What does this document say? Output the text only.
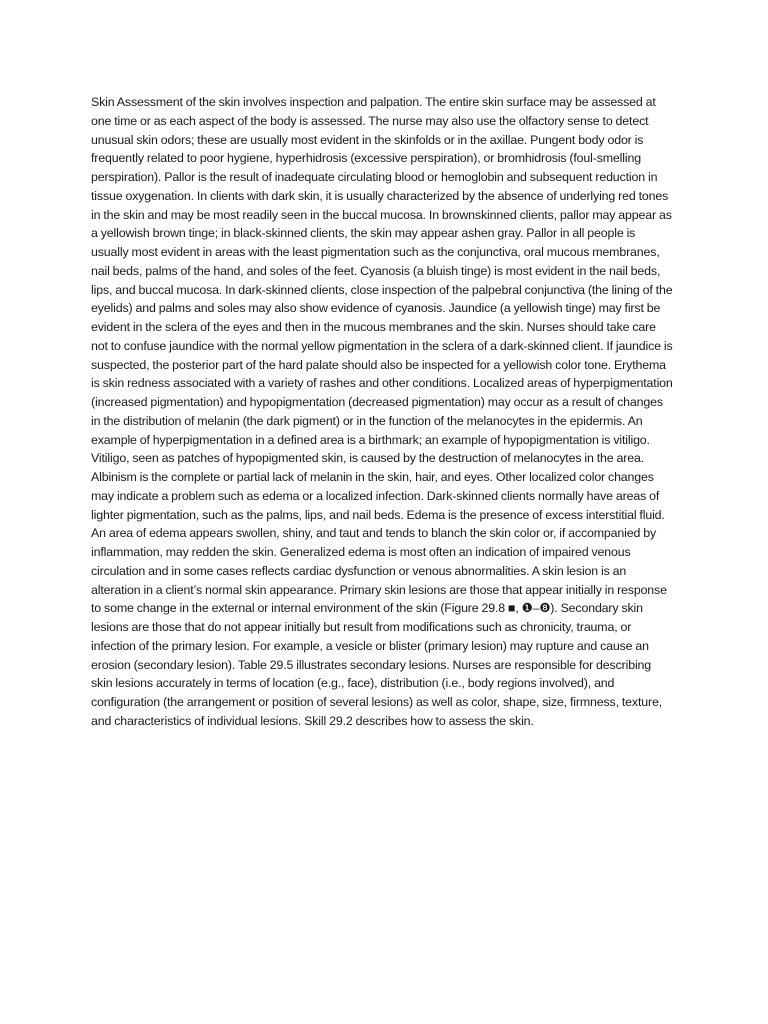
Skin Assessment of the skin involves inspection and palpation. The entire skin surface may be assessed at one time or as each aspect of the body is assessed. The nurse may also use the olfactory sense to detect unusual skin odors; these are usually most evident in the skinfolds or in the axillae. Pungent body odor is frequently related to poor hygiene, hyperhidrosis (excessive perspiration), or bromhidrosis (foul-smelling perspiration). Pallor is the result of inadequate circulating blood or hemoglobin and subsequent reduction in tissue oxygenation. In clients with dark skin, it is usually characterized by the absence of underlying red tones in the skin and may be most readily seen in the buccal mucosa. In brownskinned clients, pallor may appear as a yellowish brown tinge; in black-skinned clients, the skin may appear ashen gray. Pallor in all people is usually most evident in areas with the least pigmentation such as the conjunctiva, oral mucous membranes, nail beds, palms of the hand, and soles of the feet. Cyanosis (a bluish tinge) is most evident in the nail beds, lips, and buccal mucosa. In dark-skinned clients, close inspection of the palpebral conjunctiva (the lining of the eyelids) and palms and soles may also show evidence of cyanosis. Jaundice (a yellowish tinge) may first be evident in the sclera of the eyes and then in the mucous membranes and the skin. Nurses should take care not to confuse jaundice with the normal yellow pigmentation in the sclera of a dark-skinned client. If jaundice is suspected, the posterior part of the hard palate should also be inspected for a yellowish color tone. Erythema is skin redness associated with a variety of rashes and other conditions. Localized areas of hyperpigmentation (increased pigmentation) and hypopigmentation (decreased pigmentation) may occur as a result of changes in the distribution of melanin (the dark pigment) or in the function of the melanocytes in the epidermis. An example of hyperpigmentation in a defined area is a birthmark; an example of hypopigmentation is vitiligo. Vitiligo, seen as patches of hypopigmented skin, is caused by the destruction of melanocytes in the area. Albinism is the complete or partial lack of melanin in the skin, hair, and eyes. Other localized color changes may indicate a problem such as edema or a localized infection. Dark-skinned clients normally have areas of lighter pigmentation, such as the palms, lips, and nail beds. Edema is the presence of excess interstitial fluid. An area of edema appears swollen, shiny, and taut and tends to blanch the skin color or, if accompanied by inflammation, may redden the skin. Generalized edema is most often an indication of impaired venous circulation and in some cases reflects cardiac dysfunction or venous abnormalities. A skin lesion is an alteration in a client’s normal skin appearance. Primary skin lesions are those that appear initially in response to some change in the external or internal environment of the skin (Figure 29.8 ■, ❶–❽). Secondary skin lesions are those that do not appear initially but result from modifications such as chronicity, trauma, or infection of the primary lesion. For example, a vesicle or blister (primary lesion) may rupture and cause an erosion (secondary lesion). Table 29.5 illustrates secondary lesions. Nurses are responsible for describing skin lesions accurately in terms of location (e.g., face), distribution (i.e., body regions involved), and configuration (the arrangement or position of several lesions) as well as color, shape, size, firmness, texture, and characteristics of individual lesions. Skill 29.2 describes how to assess the skin.
